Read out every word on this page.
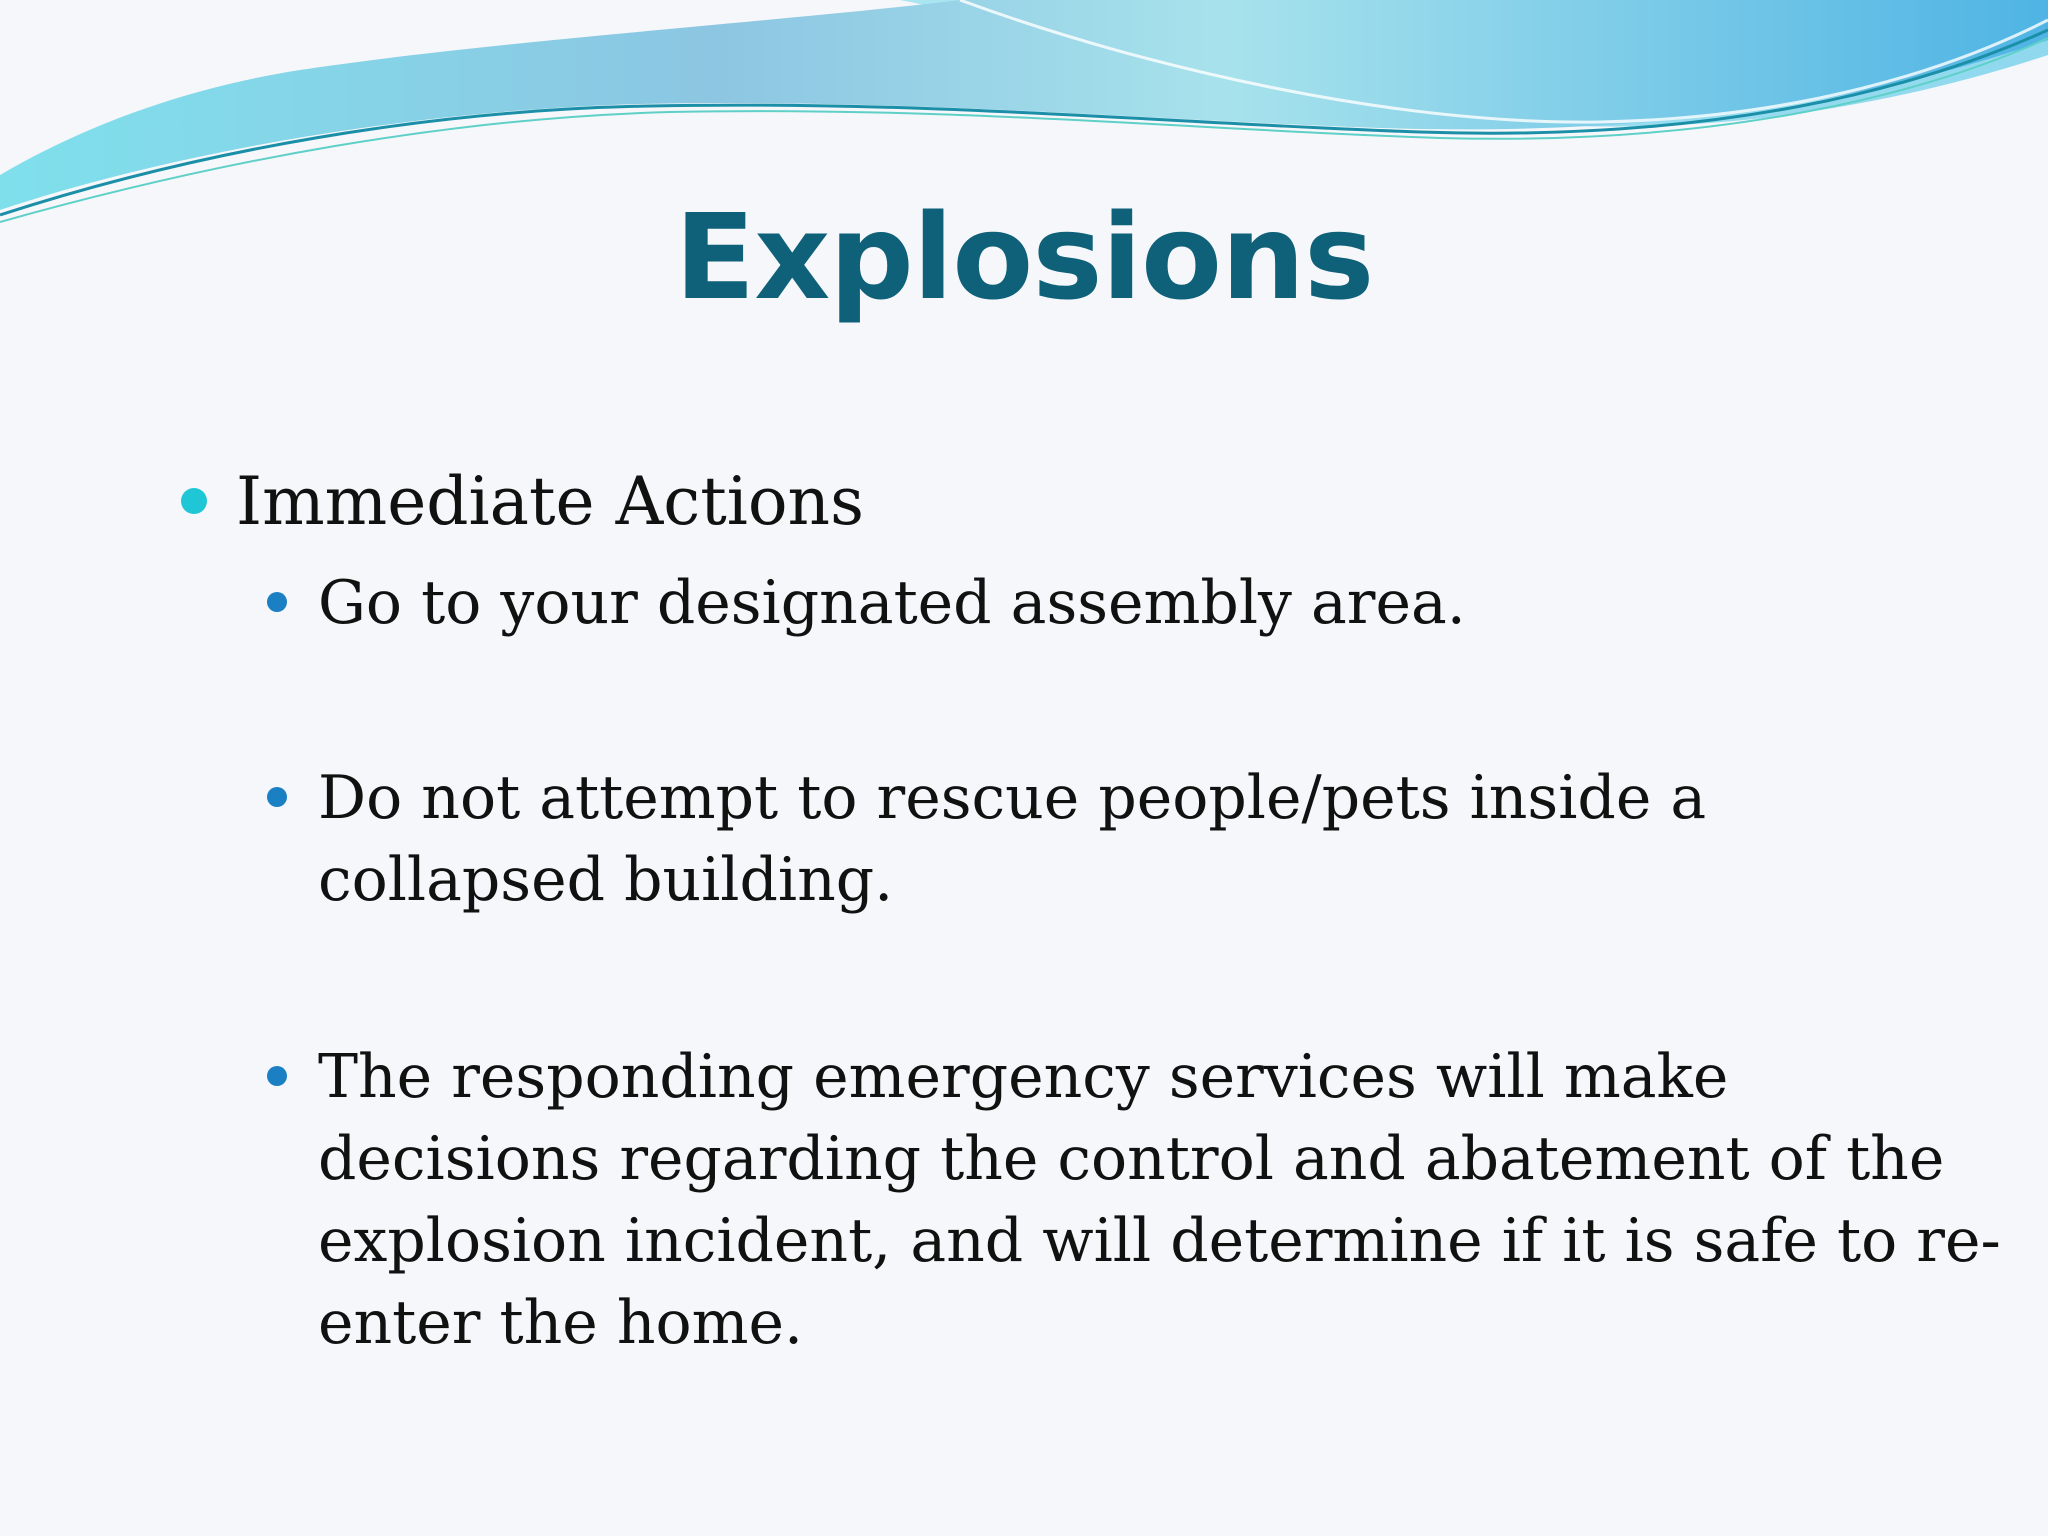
Explosions
Immediate Actions
Go to your designated assembly area.
Do not attempt to rescue people/pets inside a collapsed building.
The responding emergency services will make decisions regarding the control and abatement of the explosion incident, and will determine if it is safe to re-enter the home.
